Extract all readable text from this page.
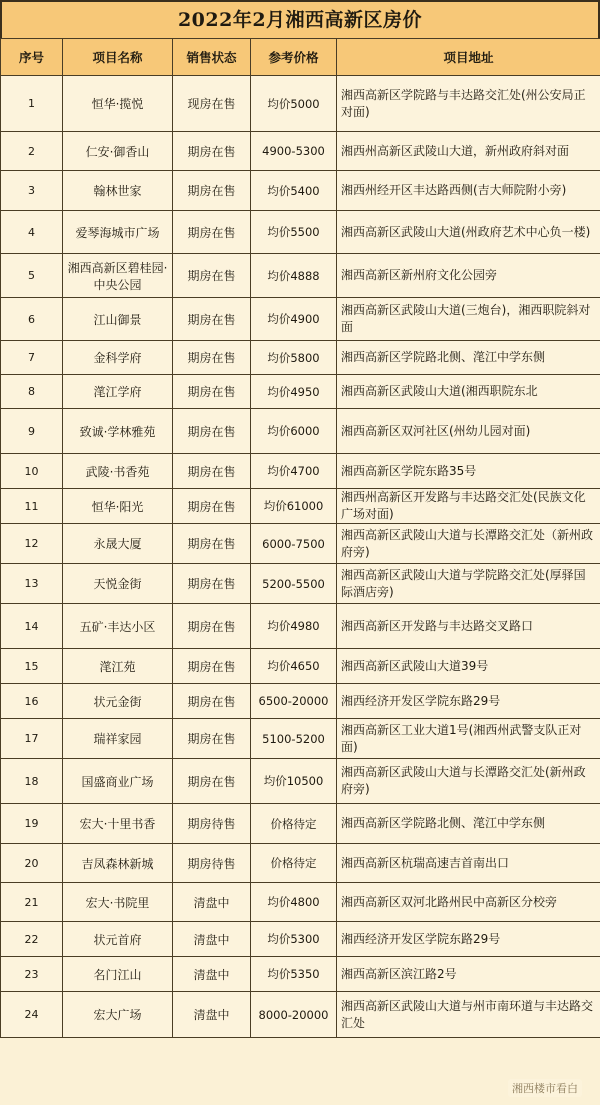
2022年2月湘西高新区房价
序号	项目名称	销售状态	参考价格	项目地址
1	恒华·揽悦	现房在售	均价5000	湘西高新区学院路与丰达路交汇处(州公安局正对面)
2	仁安·御香山	期房在售	4900-5300	湘西州高新区武陵山大道，新州政府斜对面
3	翰林世家	期房在售	均价5400	湘西州经开区丰达路西侧(吉大师院附小旁)
4	爱琴海城市广场	期房在售	均价5500	湘西高新区武陵山大道(州政府艺术中心负一楼)
5	湘西高新区碧桂园·中央公园	期房在售	均价4888	湘西高新区新州府文化公园旁
6	江山御景	期房在售	均价4900	湘西高新区武陵山大道(三炮台)，湘西职院斜对面
7	金科学府	期房在售	均价5800	湘西高新区学院路北侧、滗江中学东侧
8	滗江学府	期房在售	均价4950	湘西高新区武陵山大道(湘西职院东北
9	致诚·学林雅苑	期房在售	均价6000	湘西高新区双河社区(州幼儿园对面)
10	武陵·书香苑	期房在售	均价4700	湘西高新区学院东路35号
11	恒华·阳光	期房在售	均价61000	湘西州高新区开发路与丰达路交汇处(民族文化广场对面)
12	永晟大厦	期房在售	6000-7500	湘西高新区武陵山大道与长潭路交汇处（新州政府旁)
13	天悦金街	期房在售	5200-5500	湘西高新区武陵山大道与学院路交汇处(厚驿国际酒店旁)
14	五矿·丰达小区	期房在售	均价4980	湘西高新区开发路与丰达路交叉路口
15	滗江苑	期房在售	均价4650	湘西高新区武陵山大道39号
16	状元金街	期房在售	6500-20000	湘西经济开发区学院东路29号
17	瑞祥家园	期房在售	5100-5200	湘西高新区工业大道1号(湘西州武警支队正对面)
18	国盛商业广场	期房在售	均价10500	湘西高新区武陵山大道与长潭路交汇处(新州政府旁)
19	宏大·十里书香	期房待售	价格待定	湘西高新区学院路北侧、滗江中学东侧
20	吉凤森林新城	期房待售	价格待定	湘西高新区杭瑞高速吉首南出口
21	宏大·书院里	清盘中	均价4800	湘西高新区双河北路州民中高新区分校旁
22	状元首府	清盘中	均价5300	湘西经济开发区学院东路29号
23	名门江山	清盘中	均价5350	湘西高新区滨江路2号
24	宏大广场	清盘中	8000-20000	湘西高新区武陵山大道与州市南环道与丰达路交汇处
湘西楼市看白
